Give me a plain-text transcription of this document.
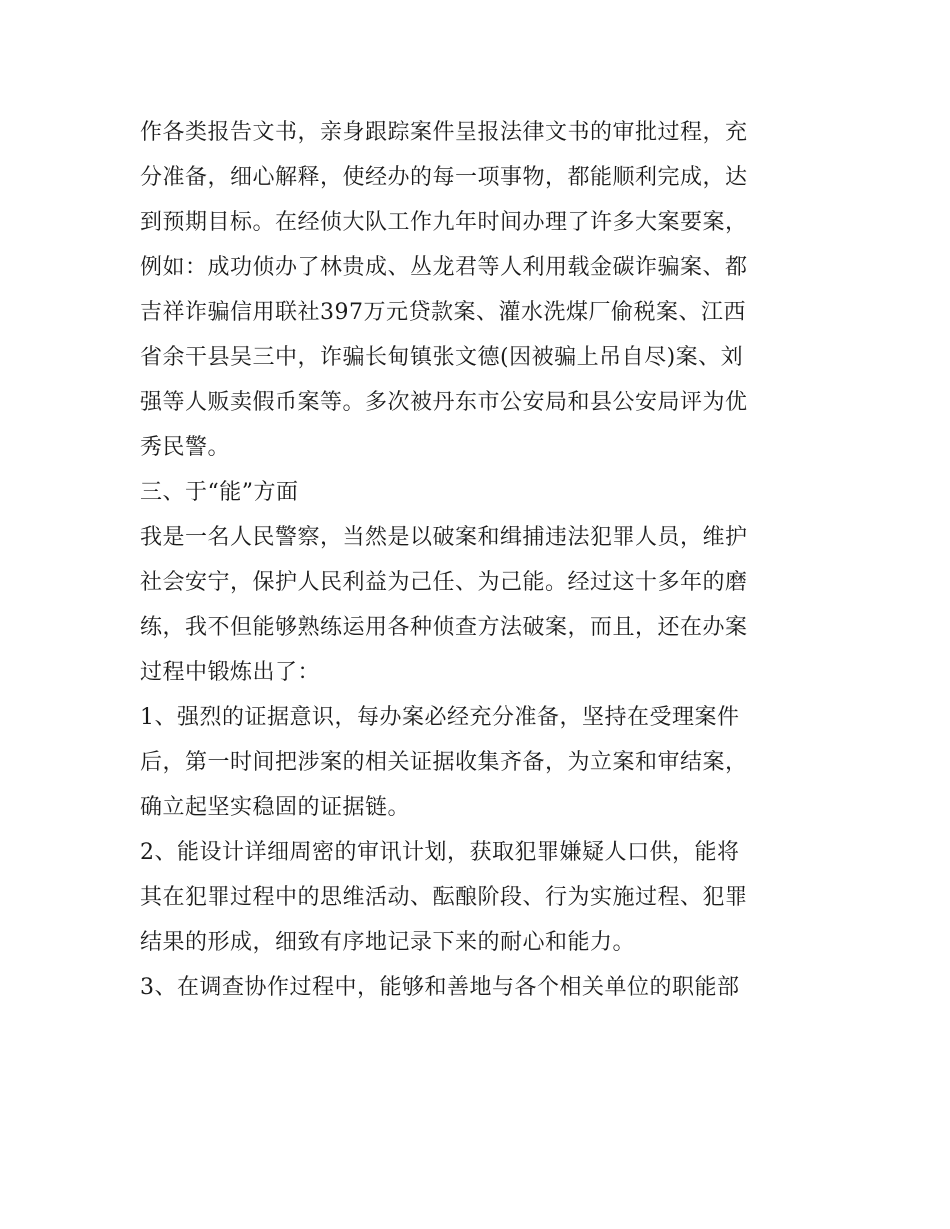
作各类报告文书，亲身跟踪案件呈报法律文书的审批过程，充
分准备，细心解释，使经办的每一项事物，都能顺利完成，达
到预期目标。在经侦大队工作九年时间办理了许多大案要案，
例如：成功侦办了林贵成、丛龙君等人利用载金碳诈骗案、都
吉祥诈骗信用联社397万元贷款案、灌水洗煤厂偷税案、江西
省余干县吴三中，诈骗长甸镇张文德(因被骗上吊自尽)案、刘
强等人贩卖假币案等。多次被丹东市公安局和县公安局评为优
秀民警。
三、于“能”方面
我是一名人民警察，当然是以破案和缉捕违法犯罪人员，维护
社会安宁，保护人民利益为己任、为己能。经过这十多年的磨
练，我不但能够熟练运用各种侦查方法破案，而且，还在办案
过程中锻炼出了：
1、强烈的证据意识，每办案必经充分准备，坚持在受理案件
后，第一时间把涉案的相关证据收集齐备，为立案和审结案，
确立起坚实稳固的证据链。
2、能设计详细周密的审讯计划，获取犯罪嫌疑人口供，能将
其在犯罪过程中的思维活动、酝酿阶段、行为实施过程、犯罪
结果的形成，细致有序地记录下来的耐心和能力。
3、在调查协作过程中，能够和善地与各个相关单位的职能部
